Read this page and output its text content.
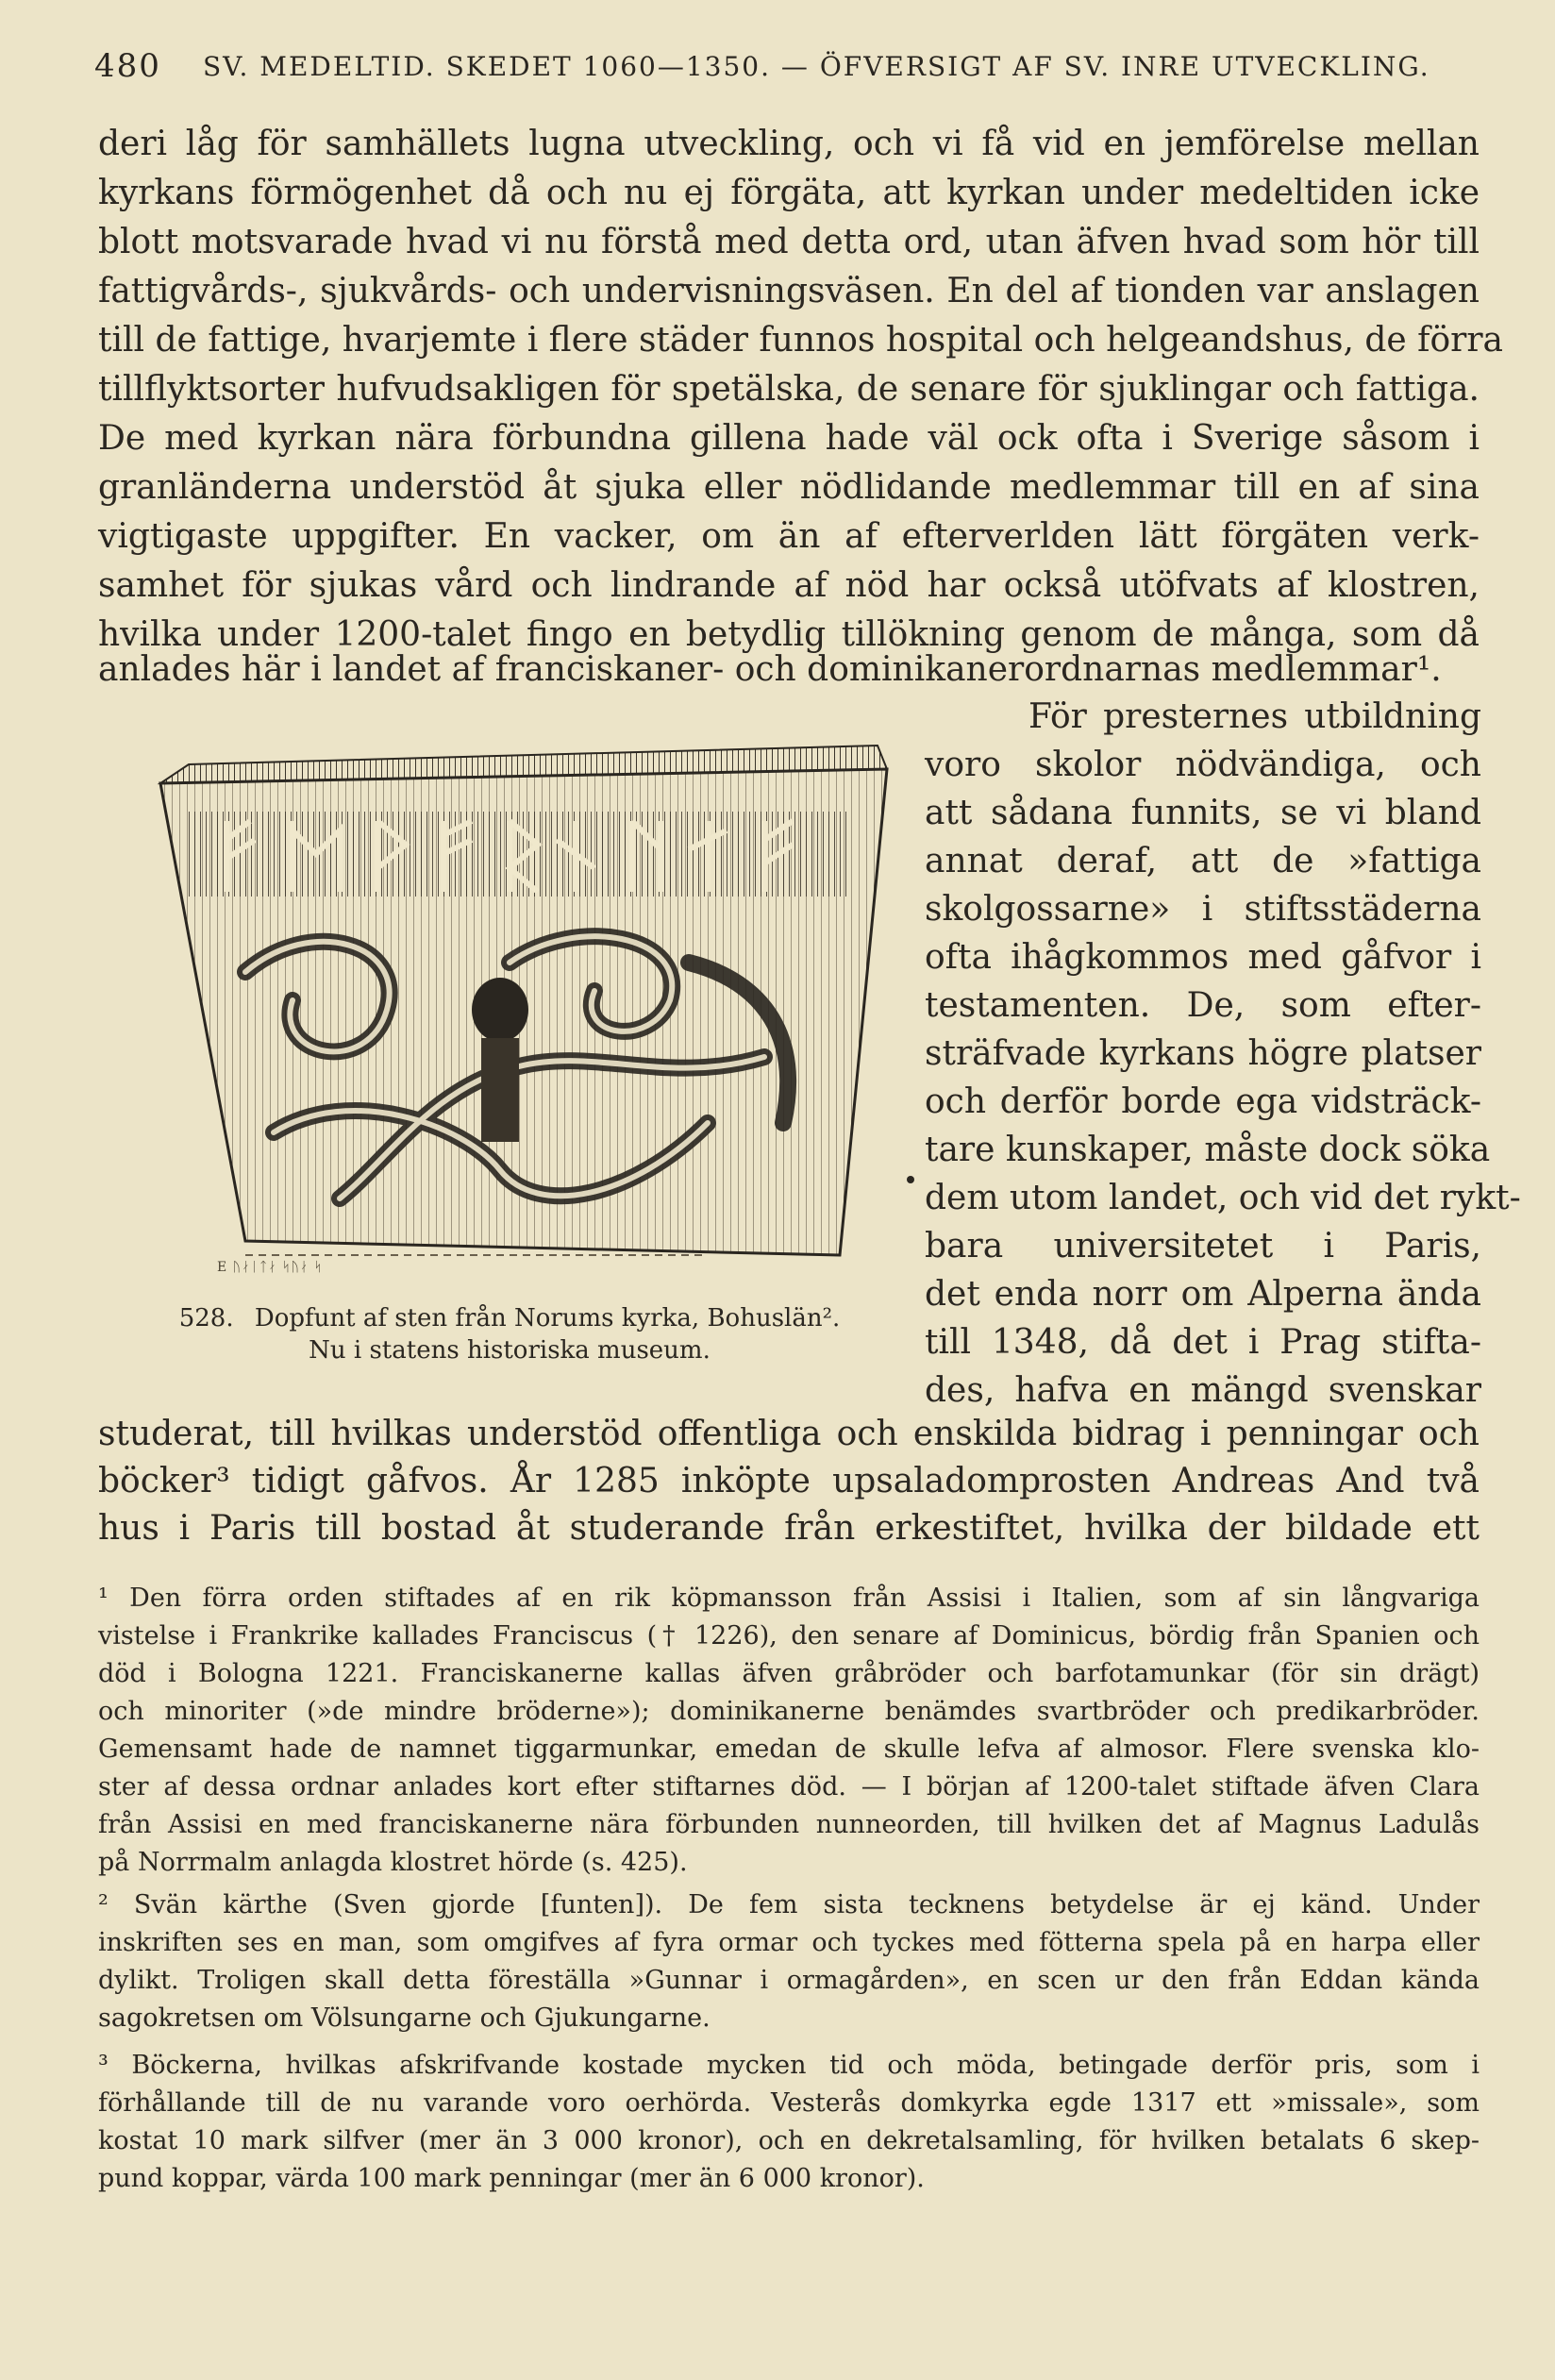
480 SV. MEDELTID. SKEDET 1060—1350. — ÖFVERSIGT AF SV. INRE UTVECKLING.
deri låg för samhällets lugna utveckling, och vi få vid en jemförelse mellan
kyrkans förmögenhet då och nu ej förgäta, att kyrkan under medeltiden icke
blott motsvarade hvad vi nu förstå med detta ord, utan äfven hvad som hör till
fattigvårds-, sjukvårds- och undervisningsväsen. En del af tionden var anslagen
till de fattige, hvarjemte i flere städer funnos hospital och helgeandshus, de förra
tillflyktsorter hufvudsakligen för spetälska, de senare för sjuklingar och fattiga.
De med kyrkan nära förbundna gillena hade väl ock ofta i Sverige såsom i
granländerna understöd åt sjuka eller nödlidande medlemmar till en af sina
vigtigaste uppgifter. En vacker, om än af efterverlden lätt förgäten verk-
samhet för sjukas vård och lindrande af nöd har också utöfvats af klostren,
hvilka under 1200-talet fingo en betydlig tillökning genom de många, som då
anlades här i landet af franciskaner- och dominikanerordnarnas medlemmar¹.
För presternes utbildning
voro skolor nödvändiga, och
att sådana funnits, se vi bland
annat deraf, att de »fattiga
skolgossarne» i stiftsstäderna
ofta ihågkommos med gåfvor i
testamenten. De, som efter-
sträfvade kyrkans högre platser
och derför borde ega vidsträck-
tare kunskaper, måste dock söka
dem utom landet, och vid det rykt-
bara universitetet i Paris,
det enda norr om Alperna ända
till 1348, då det i Prag stifta-
des, hafva en mängd svenskar
E ᚢᛅᛁᛏᛅ ᛋᚢᛅ ᛋ
528. Dopfunt af sten från Norums kyrka, Bohuslän².
Nu i statens historiska museum.
studerat, till hvilkas understöd offentliga och enskilda bidrag i penningar och
böcker³ tidigt gåfvos. År 1285 inköpte upsaladomprosten Andreas And två
hus i Paris till bostad åt studerande från erkestiftet, hvilka der bildade ett
¹ Den förra orden stiftades af en rik köpmansson från Assisi i Italien, som af sin långvariga
vistelse i Frankrike kallades Franciscus († 1226), den senare af Dominicus, bördig från Spanien och
död i Bologna 1221. Franciskanerne kallas äfven gråbröder och barfotamunkar (för sin drägt)
och minoriter (»de mindre bröderne»); dominikanerne benämdes svartbröder och predikarbröder.
Gemensamt hade de namnet tiggarmunkar, emedan de skulle lefva af almosor. Flere svenska klo-
ster af dessa ordnar anlades kort efter stiftarnes död. — I början af 1200-talet stiftade äfven Clara
från Assisi en med franciskanerne nära förbunden nunneorden, till hvilken det af Magnus Ladulås
på Norrmalm anlagda klostret hörde (s. 425).
² Svän kärthe (Sven gjorde [funten]). De fem sista tecknens betydelse är ej känd. Under
inskriften ses en man, som omgifves af fyra ormar och tyckes med fötterna spela på en harpa eller
dylikt. Troligen skall detta föreställa »Gunnar i ormagården», en scen ur den från Eddan kända
sagokretsen om Völsungarne och Gjukungarne.
³ Böckerna, hvilkas afskrifvande kostade mycken tid och möda, betingade derför pris, som i
förhållande till de nu varande voro oerhörda. Vesterås domkyrka egde 1317 ett »missale», som
kostat 10 mark silfver (mer än 3 000 kronor), och en dekretalsamling, för hvilken betalats 6 skep-
pund koppar, värda 100 mark penningar (mer än 6 000 kronor).
